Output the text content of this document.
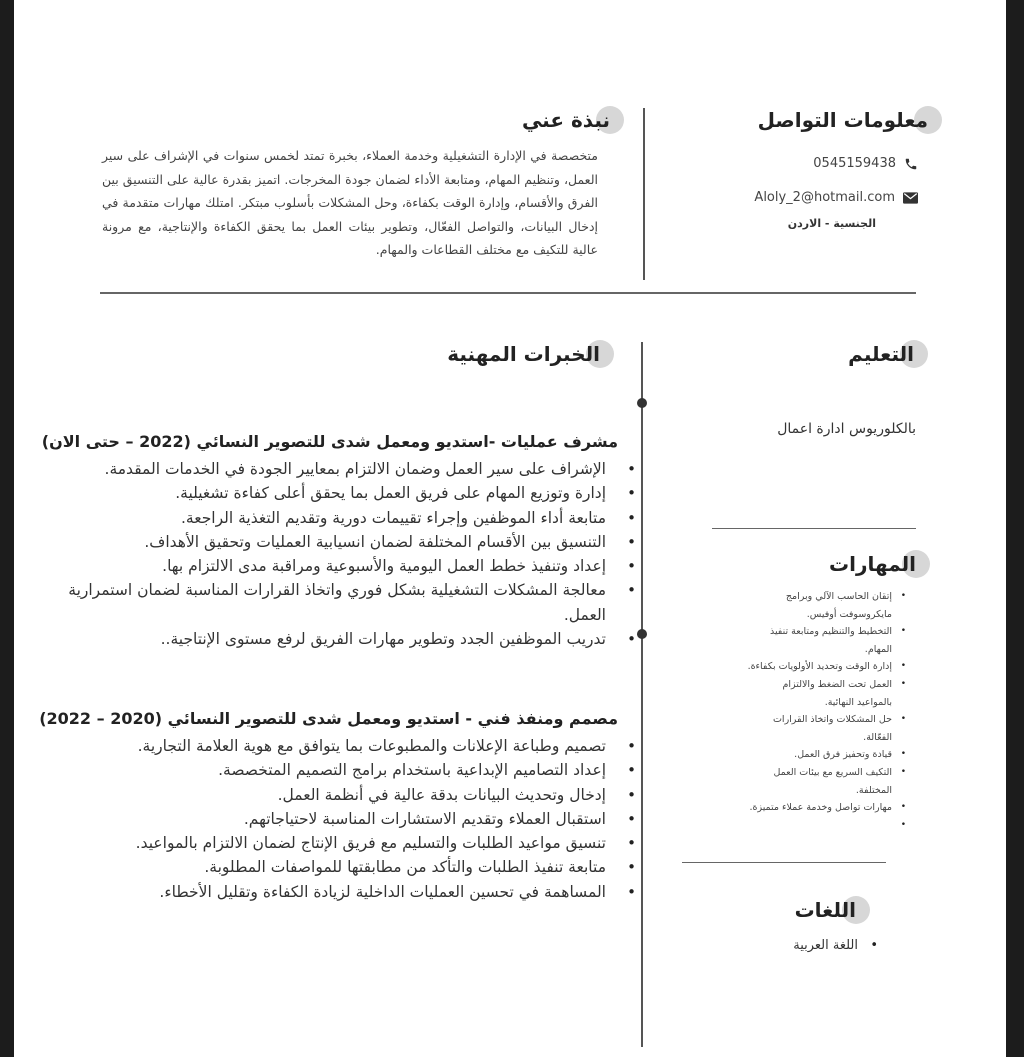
معلومات التواصل
نبذة عني

متخصصة في الإدارة التشغيلية وخدمة العملاء، بخبرة تمتد لخمس سنوات في الإشراف على سير العمل، وتنظيم المهام، ومتابعة الأداء لضمان جودة المخرجات. اتميز بقدرة عالية على التنسيق بين الفرق والأقسام، وإدارة الوقت بكفاءة، وحل المشكلات بأسلوب مبتكر. امتلك مهارات متقدمة في إدخال البيانات، والتواصل الفعّال، وتطوير بيئات العمل بما يحقق الكفاءة والإنتاجية، مع مرونة عالية للتكيف مع مختلف القطاعات والمهام.

0545159438
Aloly_2@hotmail.com
الجنسية - الاردن
التعليم
الخبرات المهنية
بالكلوريوس ادارة اعمال
المهارات
• إتقان الحاسب الآلي وبرامج مايكروسوفت أوفيس.
• التخطيط والتنظيم ومتابعة تنفيذ المهام.
• إدارة الوقت وتحديد الأولويات بكفاءة.
• العمل تحت الضغط والالتزام بالمواعيد النهائية.
• حل المشكلات واتخاذ القرارات الفعّالة.
• قيادة وتحفيز فرق العمل.
• التكيف السريع مع بيئات العمل المختلفة.
• مهارات تواصل وخدمة عملاء متميزة.
اللغات
• اللغة العربية
مشرف عمليات -استديو ومعمل شدى للتصوير النسائي (2022 – حتى الان)
• الإشراف على سير العمل وضمان الالتزام بمعايير الجودة في الخدمات المقدمة.
• إدارة وتوزيع المهام على فريق العمل بما يحقق أعلى كفاءة تشغيلية.
• متابعة أداء الموظفين وإجراء تقييمات دورية وتقديم التغذية الراجعة.
• التنسيق بين الأقسام المختلفة لضمان انسيابية العمليات وتحقيق الأهداف.
• إعداد وتنفيذ خطط العمل اليومية والأسبوعية ومراقبة مدى الالتزام بها.
• معالجة المشكلات التشغيلية بشكل فوري واتخاذ القرارات المناسبة لضمان استمرارية العمل.
• تدريب الموظفين الجدد وتطوير مهارات الفريق لرفع مستوى الإنتاجية..
مصمم ومنفذ فني - استديو ومعمل شدى للتصوير النسائي (2020 – 2022)
• تصميم وطباعة الإعلانات والمطبوعات بما يتوافق مع هوية العلامة التجارية.
• إعداد التصاميم الإبداعية باستخدام برامج التصميم المتخصصة.
• إدخال وتحديث البيانات بدقة عالية في أنظمة العمل.
• استقبال العملاء وتقديم الاستشارات المناسبة لاحتياجاتهم.
• تنسيق مواعيد الطلبات والتسليم مع فريق الإنتاج لضمان الالتزام بالمواعيد.
• متابعة تنفيذ الطلبات والتأكد من مطابقتها للمواصفات المطلوبة.
• المساهمة في تحسين العمليات الداخلية لزيادة الكفاءة وتقليل الأخطاء.
